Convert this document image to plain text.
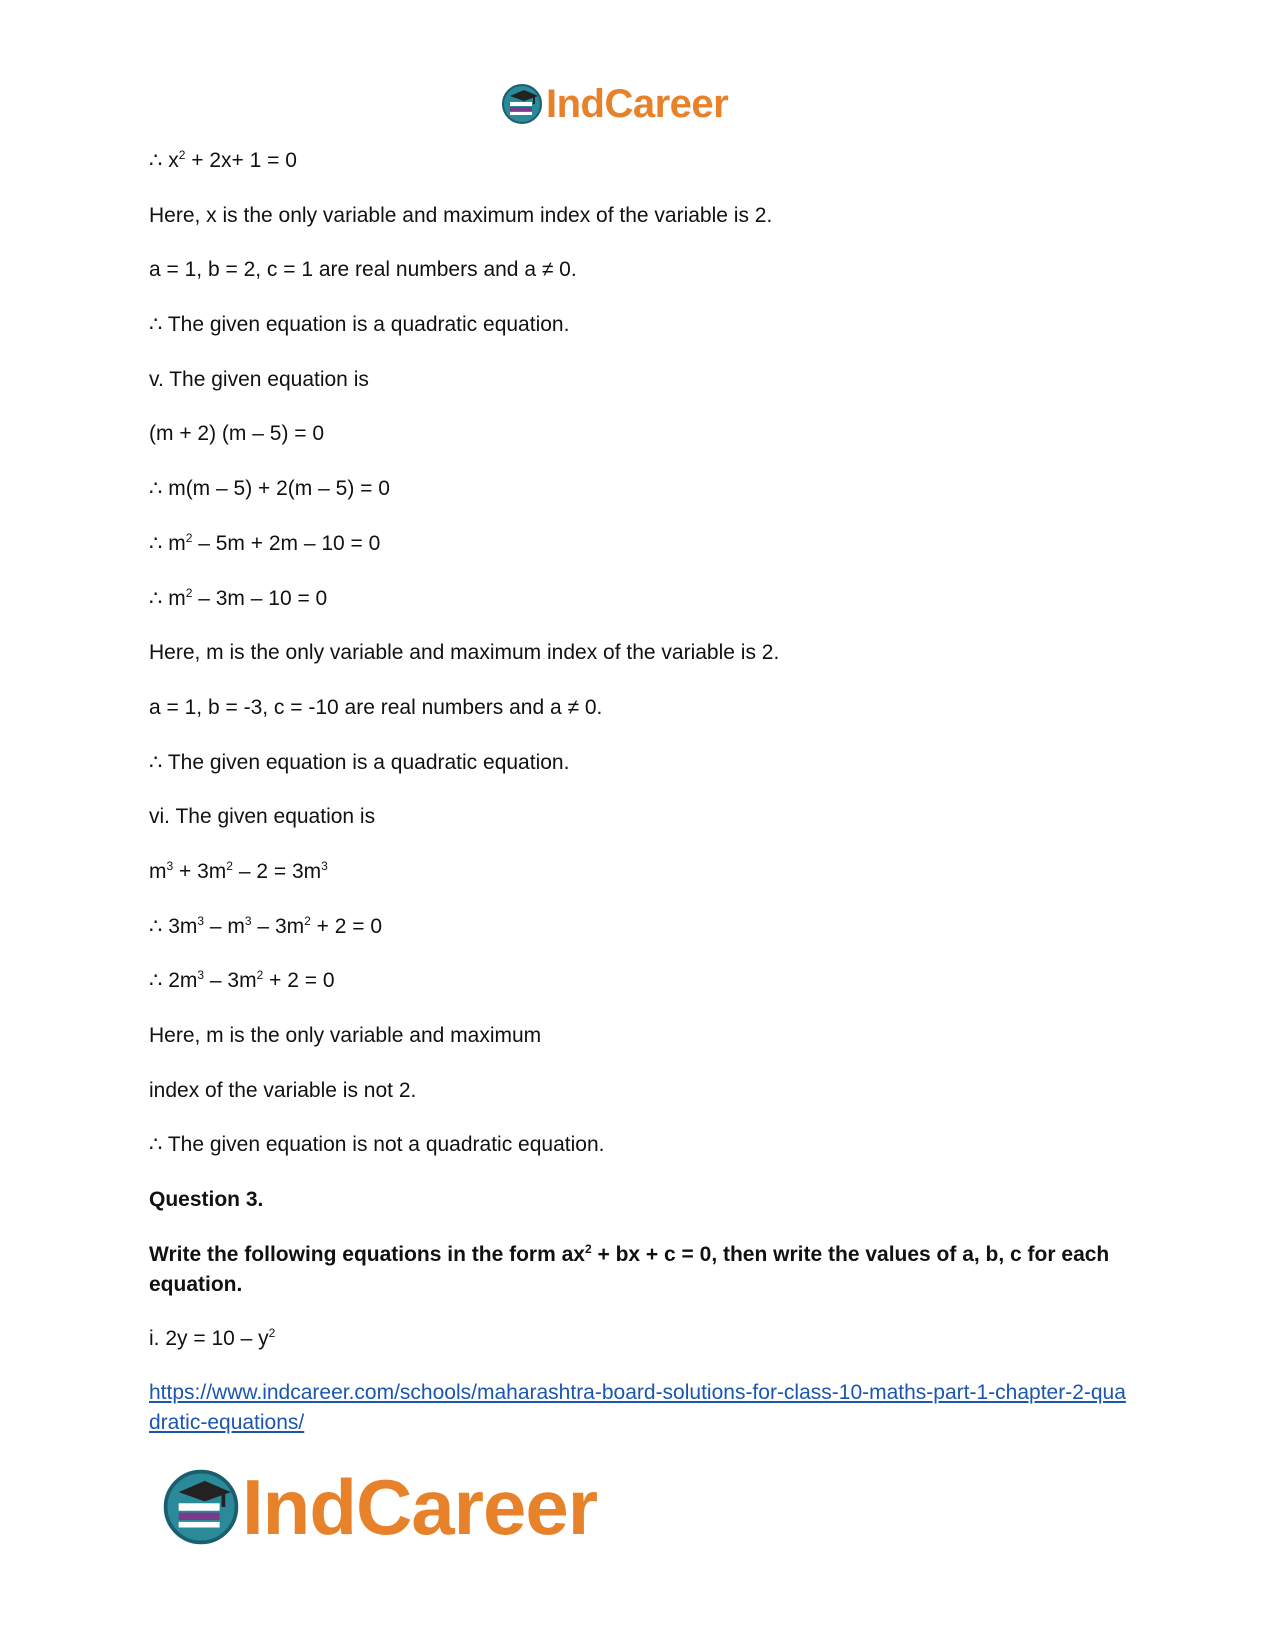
IndCareer
∴ $x^2 + 2x+ 1 = 0$
Here, x is the only variable and maximum index of the variable is 2.
a = 1, b = 2, c = 1 are real numbers and a ≠ 0.
∴ The given equation is a quadratic equation.
v. The given equation is
(m + 2) (m – 5) = 0
∴ m(m – 5) + 2(m – 5) = 0
∴ $m^2 - 5m + 2m - 10 = 0$
∴ $m^2 - 3m - 10 = 0$
Here, m is the only variable and maximum index of the variable is 2.
a = 1, b = -3, c = -10 are real numbers and a ≠ 0.
∴ The given equation is a quadratic equation.
vi. The given equation is
$m^3 + 3m^2 - 2 = 3m^3$
∴ $3m^3 - m^3 - 3m^2 + 2 = 0$
∴ $2m^3 - 3m^2 + 2 = 0$
Here, m is the only variable and maximum
index of the variable is not 2.
∴ The given equation is not a quadratic equation.
Question 3.
Write the following equations in the form $ax^2$ + bx + c = 0, then write the values of a, b, c for each equation.
i. $2y = 10 - y^2$
https://www.indcareer.com/schools/maharashtra-board-solutions-for-class-10-maths-part-1-chapter-2-quadratic-equations/
IndCareer
